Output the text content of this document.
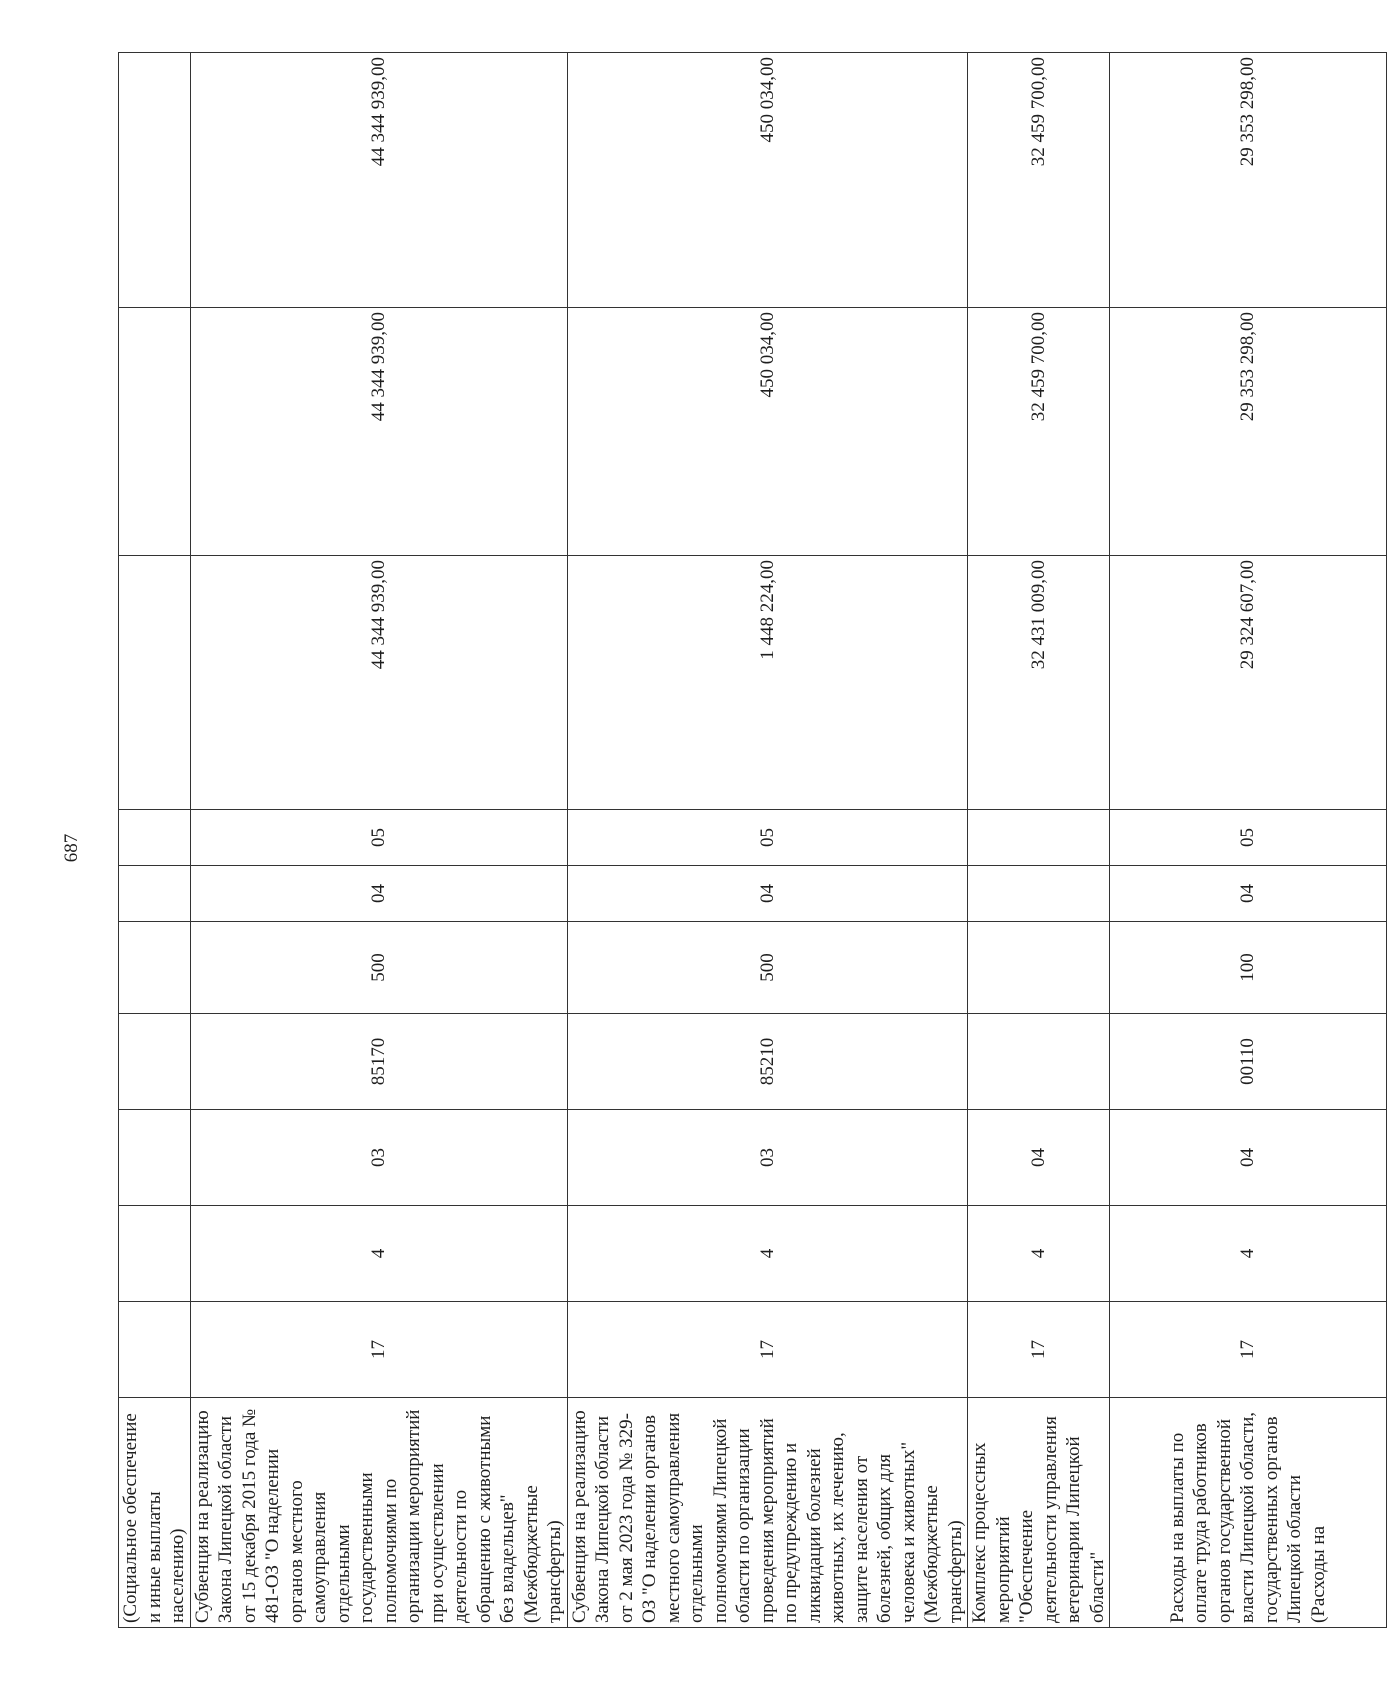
687
(Социальное обеспечение и иные выплаты населению)										
Субвенция на реализацию Закона Липецкой области от 15 декабря 2015 года № 481-ОЗ "О наделении органов местного самоуправления отдельными государственными полномочиями по организации мероприятий при осуществлении деятельности по обращению с животными без владельцев" (Межбюджетные трансферты)	17	4	03	85170	500	04	05	44 344 939,00	44 344 939,00	44 344 939,00
Субвенция на реализацию Закона Липецкой области от 2 мая 2023 года № 329-ОЗ "О наделении органов местного самоуправления отдельными полномочиями Липецкой области по организации проведения мероприятий по предупреждению и ликвидации болезней животных, их лечению, защите населения от болезней, общих для человека и животных" (Межбюджетные трансферты)	17	4	03	85210	500	04	05	1 448 224,00	450 034,00	450 034,00
Комплекс процессных мероприятий "Обеспечение деятельности управления ветеринарии Липецкой области"	17	4	04					32 431 009,00	32 459 700,00	32 459 700,00
Расходы на выплаты по оплате труда работников органов государственной власти Липецкой области, государственных органов Липецкой области (Расходы на	17	4	04	00110	100	04	05	29 324 607,00	29 353 298,00	29 353 298,00
